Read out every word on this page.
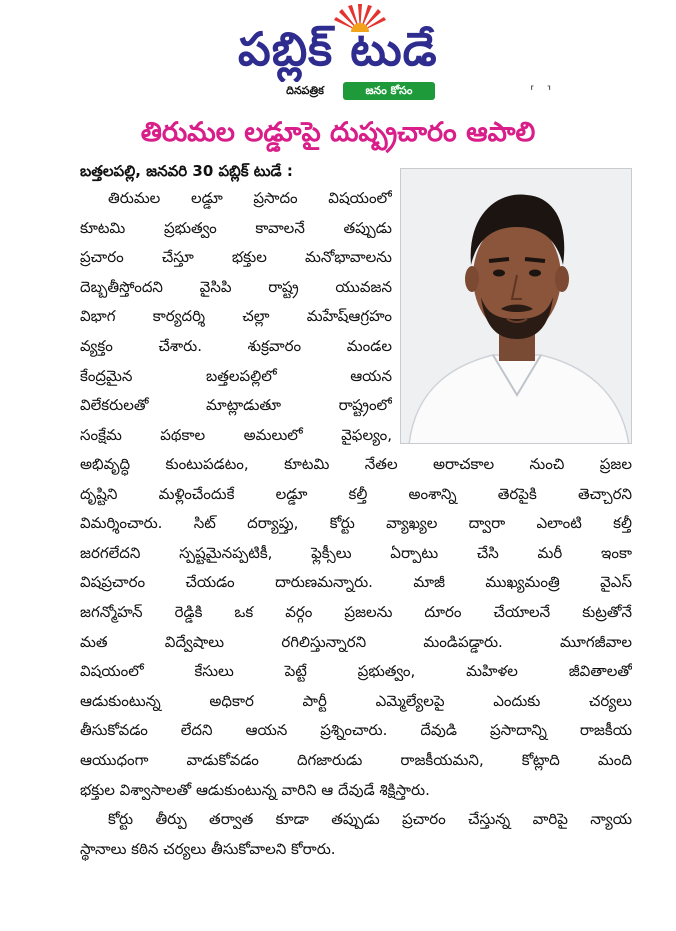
పబ్లిక్ టుడే
దినపత్రిక	జనం కోసం	⸢ ⸣
తిరుమల లడ్డూపై దుష్ప్రచారం ఆపాలి
బత్తలపల్లి, జనవరి 30 పబ్లిక్ టుడే :
తిరుమల లడ్డూ ప్రసాదం విషయంలో
కూటమి ప్రభుత్వం కావాలనే తప్పుడు
ప్రచారం చేస్తూ భక్తుల మనోభావాలను
దెబ్బతీస్తోందని వైసిపి రాష్ట్ర యువజన
విభాగ కార్యదర్శి చల్లా మహేష్ఆగ్రహం
వ్యక్తం చేశారు. శుక్రవారం మండల
కేంద్రమైన బత్తలపల్లిలో ఆయన
విలేకరులతో మాట్లాడుతూ రాష్ట్రంలో
సంక్షేమ పథకాల అమలులో వైఫల్యం,
అభివృద్ధి కుంటుపడటం, కూటమి నేతల అరాచకాల నుంచి ప్రజల
దృష్టిని మళ్లించేందుకే లడ్డూ కల్తీ అంశాన్ని తెరపైకి తెచ్చారని
విమర్శించారు. సిట్ దర్యాప్తు, కోర్టు వ్యాఖ్యల ద్వారా ఎలాంటి కల్తీ
జరగలేదని స్పష్టమైనప్పటికీ, ఫ్లెక్సీలు ఏర్పాటు చేసి మరీ ఇంకా
విషప్రచారం చేయడం దారుణమన్నారు. మాజీ ముఖ్యమంత్రి వైఎస్
జగన్మోహన్ రెడ్డికి ఒక వర్గం ప్రజలను దూరం చేయాలనే కుట్రతోనే
మత విద్వేషాలు రగిలిస్తున్నారని మండిపడ్డారు. మూగజీవాల
విషయంలో కేసులు పెట్టే ప్రభుత్వం, మహిళల జీవితాలతో
ఆడుకుంటున్న అధికార పార్టీ ఎమ్మెల్యేలపై ఎందుకు చర్యలు
తీసుకోవడం లేదని ఆయన ప్రశ్నించారు. దేవుడి ప్రసాదాన్ని రాజకీయ
ఆయుధంగా వాడుకోవడం దిగజారుడు రాజకీయమని, కోట్లాది మంది
భక్తుల విశ్వాసాలతో ఆడుకుంటున్న వారిని ఆ దేవుడే శిక్షిస్తారు.
కోర్టు తీర్పు తర్వాత కూడా తప్పుడు ప్రచారం చేస్తున్న వారిపై న్యాయ
స్థానాలు కఠిన చర్యలు తీసుకోవాలని కోరారు.
